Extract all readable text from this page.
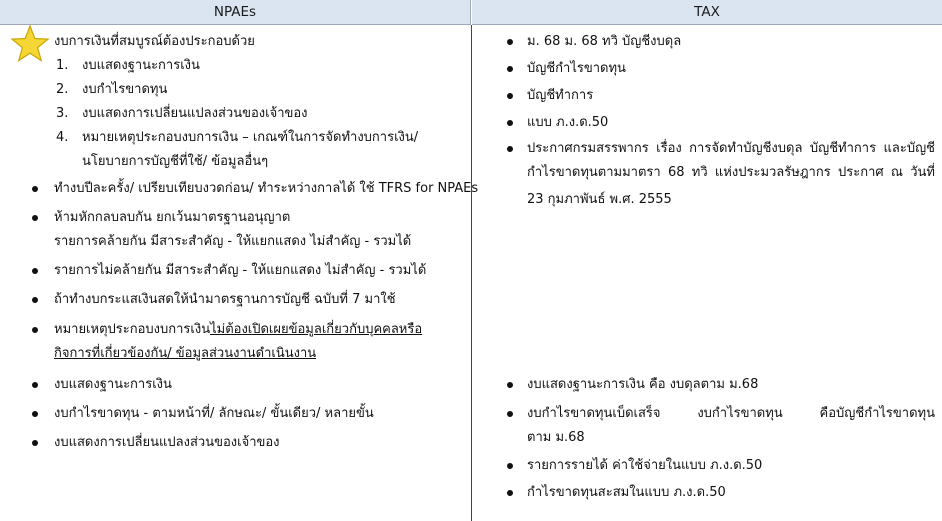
NPAEs	TAX
งบการเงินที่สมบูรณ์ต้องประกอบด้วย
1. งบแสดงฐานะการเงิน
2. งบกำไรขาดทุน
3. งบแสดงการเปลี่ยนแปลงส่วนของเจ้าของ
4. หมายเหตุประกอบงบการเงิน – เกณฑ์ในการจัดทำงบการเงิน/
นโยบายการบัญชีที่ใช้/ ข้อมูลอื่นๆ
ทำงบปีละครั้ง/ เปรียบเทียบงวดก่อน/ ทำระหว่างกาลได้ ใช้ TFRS for NPAEs
ห้ามหักกลบลบกัน ยกเว้นมาตรฐานอนุญาต
รายการคล้ายกัน มีสาระสำคัญ - ให้แยกแสดง ไม่สำคัญ - รวมได้
รายการไม่คล้ายกัน มีสาระสำคัญ - ให้แยกแสดง ไม่สำคัญ - รวมได้
ถ้าทำงบกระแสเงินสดให้นำมาตรฐานการบัญชี ฉบับที่ 7 มาใช้
หมายเหตุประกอบงบการเงินไม่ต้องเปิดเผยข้อมูลเกี่ยวกับบุคคลหรือ
กิจการที่เกี่ยวข้องกัน/ ข้อมูลส่วนงานดำเนินงาน
งบแสดงฐานะการเงิน
งบกำไรขาดทุน - ตามหน้าที่/ ลักษณะ/ ขั้นเดียว/ หลายขั้น
งบแสดงการเปลี่ยนแปลงส่วนของเจ้าของ
ม. 68 ม. 68 ทวิ บัญชีงบดุล
บัญชีกำไรขาดทุน
บัญชีทำการ
แบบ ภ.ง.ด.50
ประกาศกรมสรรพากร เรื่อง การจัดทำบัญชีงบดุล บัญชีทำการ และบัญชี
กำไรขาดทุนตามมาตรา 68 ทวิ แห่งประมวลรัษฎากร ประกาศ ณ วันที่
23 กุมภาพันธ์ พ.ศ. 2555
งบแสดงฐานะการเงิน คือ งบดุลตาม ม.68
งบกำไรขาดทุนเบ็ดเสร็จ งบกำไรขาดทุน คือบัญชีกำไรขาดทุน
ตาม ม.68
รายการรายได้ ค่าใช้จ่ายในแบบ ภ.ง.ด.50
กำไรขาดทุนสะสมในแบบ ภ.ง.ด.50
